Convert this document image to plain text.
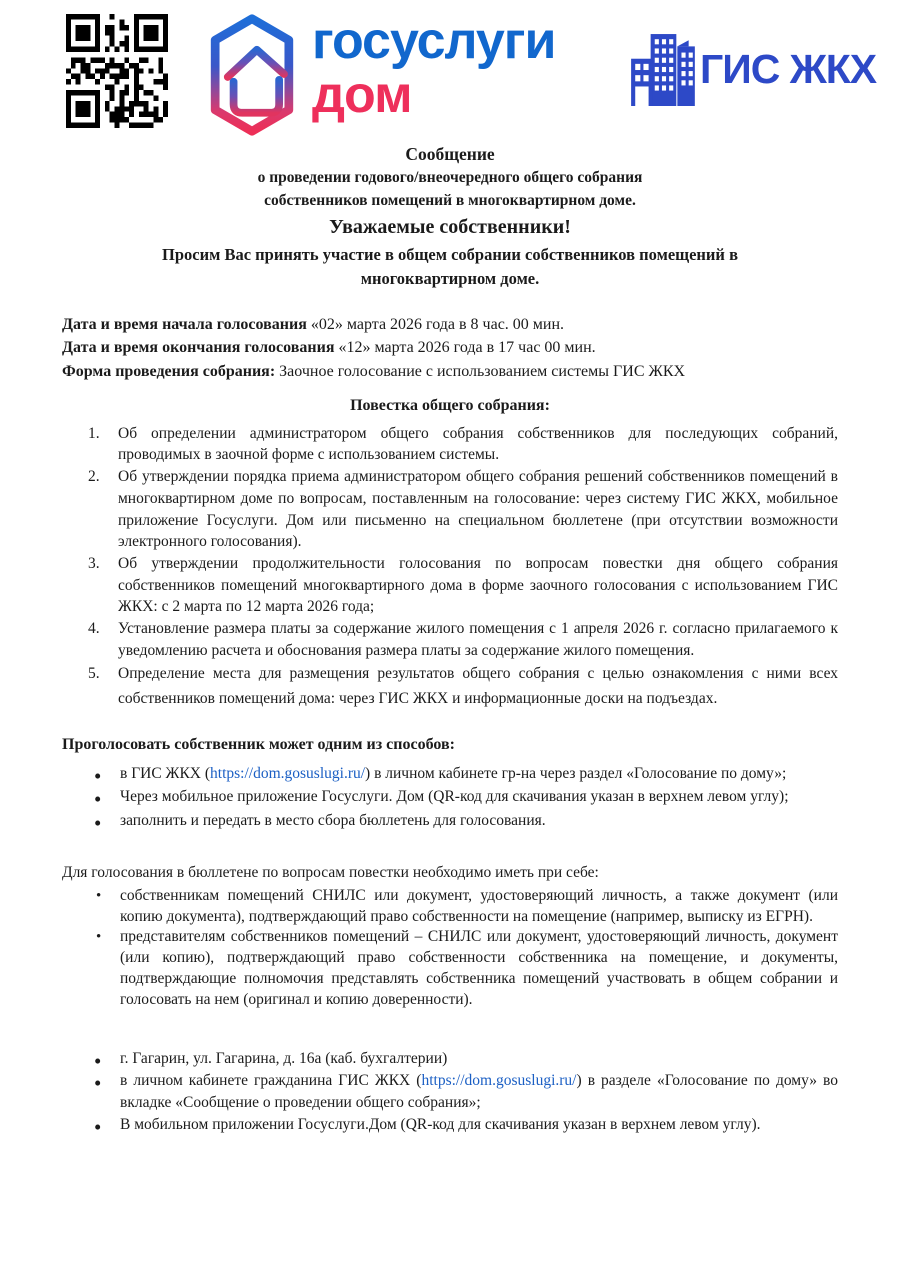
госуслуги
дом	ГИС ЖКХ
Сообщение
о проведении годового/внеочередного общего собрания
собственников помещений в многоквартирном доме.
Уважаемые собственники!
Просим Вас принять участие в общем собрании собственников помещений в многоквартирном доме.
Дата и время начала голосования «02» марта 2026 года в 8 час. 00 мин.
Дата и время окончания голосования «12» марта 2026 года в 17 час 00 мин.
Форма проведения собрания: Заочное голосование с использованием системы ГИС ЖКХ
Повестка общего собрания:
1. Об определении администратором общего собрания собственников для последующих собраний, проводимых в заочной форме с использованием системы.
2. Об утверждении порядка приема администратором общего собрания решений собственников помещений в многоквартирном доме по вопросам, поставленным на голосование: через систему ГИС ЖКХ, мобильное приложение Госуслуги. Дом или письменно на специальном бюллетене (при отсутствии возможности электронного голосования).
3. Об утверждении продолжительности голосования по вопросам повестки дня общего собрания собственников помещений многоквартирного дома в форме заочного голосования с использованием ГИС ЖКХ: с 2 марта по 12 марта 2026 года;
4. Установление размера платы за содержание жилого помещения с 1 апреля 2026 г. согласно прилагаемого к уведомлению расчета и обоснования размера платы за содержание жилого помещения.
5. Определение места для размещения результатов общего собрания с целью ознакомления с ними всех собственников помещений дома: через ГИС ЖКХ и информационные доски на подъездах.
Проголосовать собственник может одним из способов:
• в ГИС ЖКХ (https://dom.gosuslugi.ru/) в личном кабинете гр-на через раздел «Голосование по дому»;
• Через мобильное приложение Госуслуги. Дом (QR-код для скачивания указан в верхнем левом углу);
• заполнить и передать в место сбора бюллетень для голосования.
Для голосования в бюллетене по вопросам повестки необходимо иметь при себе:
• собственникам помещений СНИЛС или документ, удостоверяющий личность, а также документ (или копию документа), подтверждающий право собственности на помещение (например, выписку из ЕГРН).
• представителям собственников помещений – СНИЛС или документ, удостоверяющий личность, документ (или копию), подтверждающий право собственности собственника на помещение, и документы, подтверждающие полномочия представлять собственника помещений участвовать в общем собрании и голосовать на нем (оригинал и копию доверенности).
• г. Гагарин, ул. Гагарина, д. 16а (каб. бухгалтерии)
• в личном кабинете гражданина ГИС ЖКХ (https://dom.gosuslugi.ru/) в разделе «Голосование по дому» во вкладке «Сообщение о проведении общего собрания»;
• В мобильном приложении Госуслуги.Дом (QR-код для скачивания указан в верхнем левом углу).
